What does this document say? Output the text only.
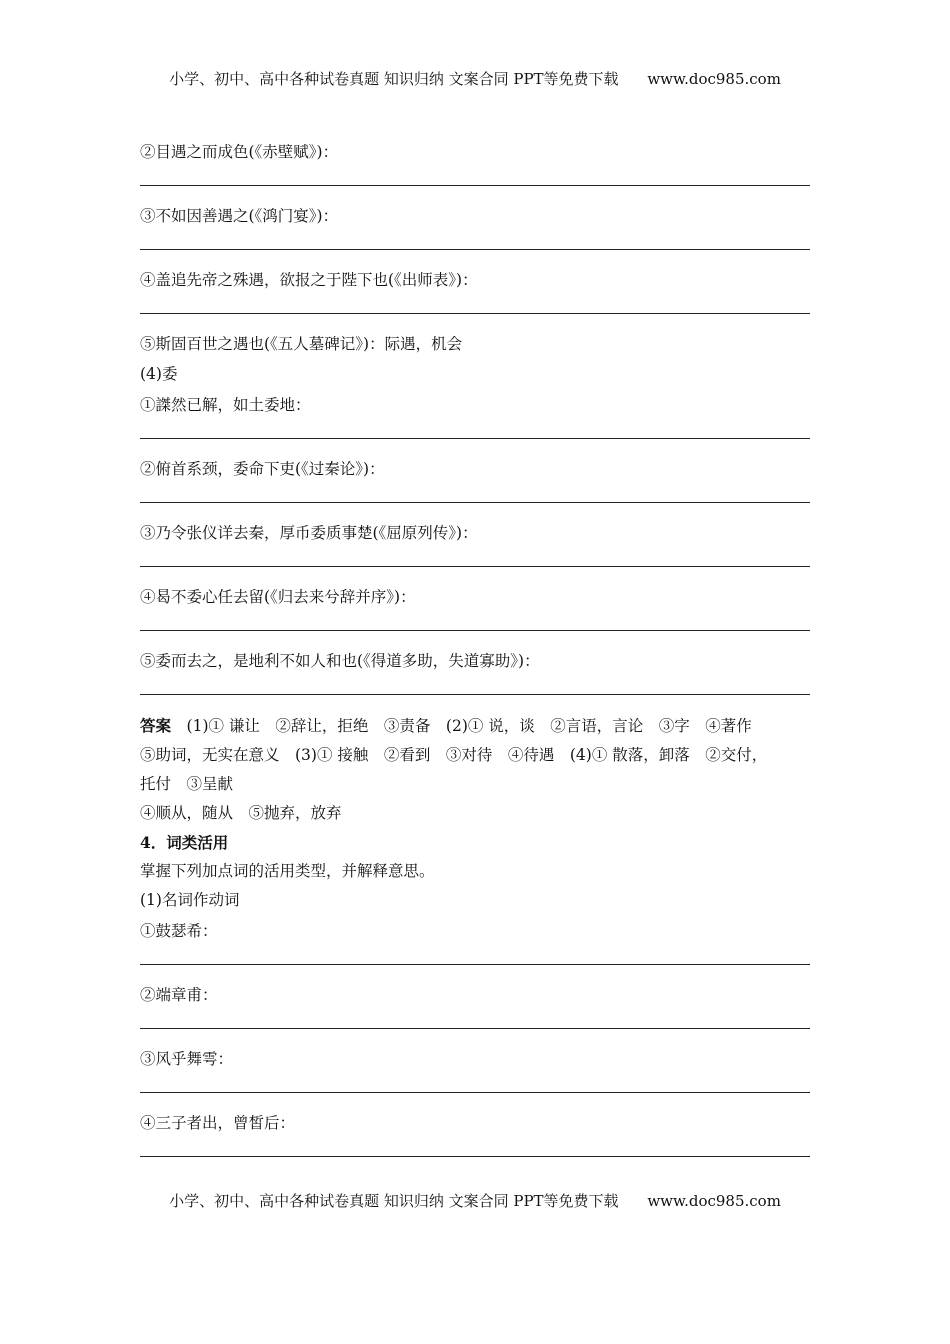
小学、初中、高中各种试卷真题 知识归纳 文案合同 PPT等免费下载 www.doc985.com
②目遇之而成色(《赤壁赋》)：
③不如因善遇之(《鸿门宴》)：
④盖追先帝之殊遇，欲报之于陛下也(《出师表》)：
⑤斯固百世之遇也(《五人墓碑记》)：际遇，机会
(4)委
①謋然已解，如土委地：
②俯首系颈，委命下吏(《过秦论》)：
③乃令张仪详去秦，厚币委质事楚(《屈原列传》)：
④曷不委心任去留(《归去来兮辞并序》)：
⑤委而去之，是地利不如人和也(《得道多助，失道寡助》)：
答案　 (1)① 谦让　②辞让，拒绝　③责备　(2)① 说，谈　②言语，言论　③字　④著作
⑤助词，无实在意义　(3)① 接触　②看到　③对待　④待遇　(4)① 散落，卸落　②交付，
托付　③呈献
④顺从，随从　⑤抛弃，放弃
4．词类活用
掌握下列加点词的活用类型，并解释意思。
(1)名词作动词
①鼓瑟希：
②端章甫：
③风乎舞雩：
④三子者出，曾皙后：
小学、初中、高中各种试卷真题 知识归纳 文案合同 PPT等免费下载 www.doc985.com
